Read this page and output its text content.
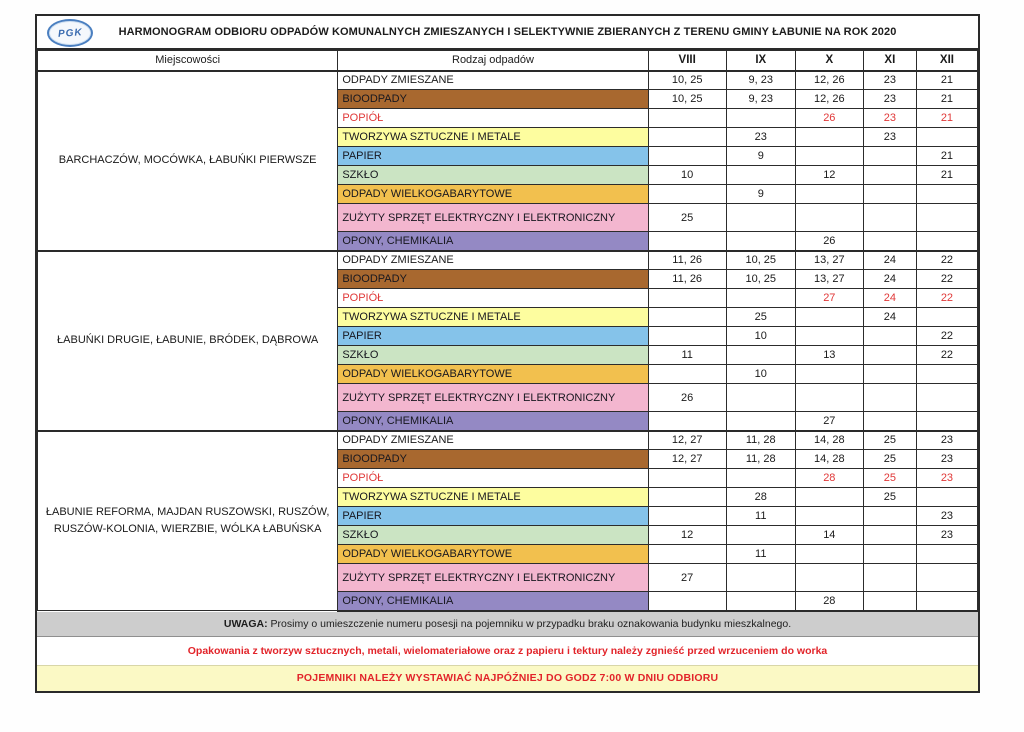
PGK	HARMONOGRAM ODBIORU ODPADÓW KOMUNALNYCH ZMIESZANYCH I SELEKTYWNIE ZBIERANYCH Z TERENU GMINY ŁABUNIE NA ROK 2020
Miejscowości	Rodzaj odpadów	VIII	IX	X	XI	XII
BARCHACZÓW, MOCÓWKA, ŁABUŃKI PIERWSZE	ODPADY ZMIESZANE	10, 25	9, 23	12, 26	23	21
	BIOODPADY	10, 25	9, 23	12, 26	23	21
	POPIÓŁ			26	23	21
	TWORZYWA SZTUCZNE I METALE		23		23	
	PAPIER		9			21
	SZKŁO	10		12		21
	ODPADY WIELKOGABARYTOWE		9			
	ZUŻYTY SPRZĘT ELEKTRYCZNY I ELEKTRONICZNY	25				
	OPONY, CHEMIKALIA			26		
ŁABUŃKI DRUGIE, ŁABUNIE, BRÓDEK, DĄBROWA	ODPADY ZMIESZANE	11, 26	10, 25	13, 27	24	22
	BIOODPADY	11, 26	10, 25	13, 27	24	22
	POPIÓŁ			27	24	22
	TWORZYWA SZTUCZNE I METALE		25		24	
	PAPIER		10			22
	SZKŁO	11		13		22
	ODPADY WIELKOGABARYTOWE		10			
	ZUŻYTY SPRZĘT ELEKTRYCZNY I ELEKTRONICZNY	26				
	OPONY, CHEMIKALIA			27		
ŁABUNIE REFORMA, MAJDAN RUSZOWSKI, RUSZÓW, RUSZÓW-KOLONIA, WIERZBIE, WÓLKA ŁABUŃSKA	ODPADY ZMIESZANE	12, 27	11, 28	14, 28	25	23
	BIOODPADY	12, 27	11, 28	14, 28	25	23
	POPIÓŁ			28	25	23
	TWORZYWA SZTUCZNE I METALE		28		25	
	PAPIER		11			23
	SZKŁO	12		14		23
	ODPADY WIELKOGABARYTOWE		11			
	ZUŻYTY SPRZĘT ELEKTRYCZNY I ELEKTRONICZNY	27				
	OPONY, CHEMIKALIA			28		
UWAGA:
Prosimy o umieszczenie numeru posesji na pojemniku w przypadku braku oznakowania budynku mieszkalnego.
Opakowania z tworzyw sztucznych, metali, wielomateriałowe oraz z papieru i tektury należy zgnieść przed wrzuceniem do worka
POJEMNIKI NALEŻY WYSTAWIAĆ NAJPÓŹNIEJ DO GODZ 7:00 W DNIU ODBIORU
